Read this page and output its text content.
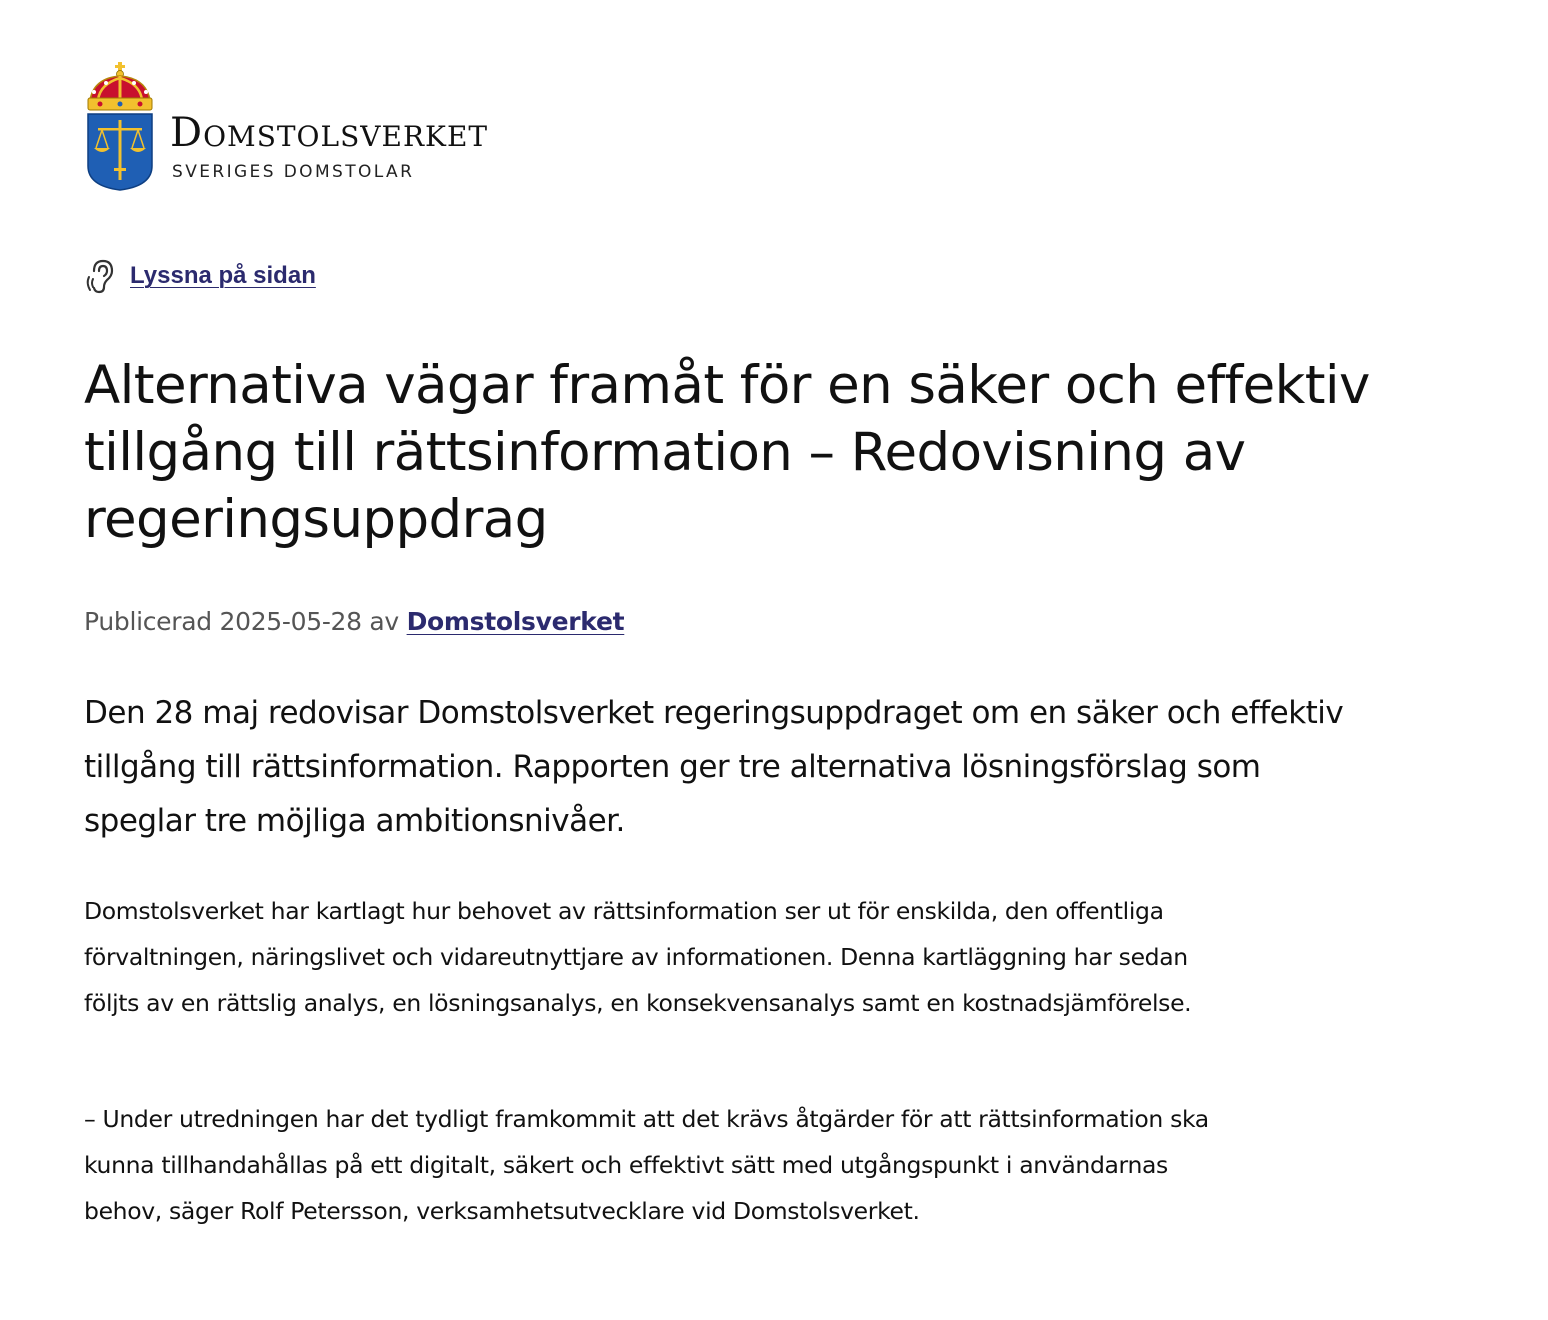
Domstolsverket
SVERIGES DOMSTOLAR
Lyssna på sidan
Alternativa vägar framåt för en säker och effektiv tillgång till rättsinformation – Redovisning av regeringsuppdrag
Publicerad 2025-05-28 av Domstolsverket

Den 28 maj redovisar Domstolsverket regeringsuppdraget om en säker och effektiv tillgång till rättsinformation. Rapporten ger tre alternativa lösningsförslag som speglar tre möjliga ambitionsnivåer.

Domstolsverket har kartlagt hur behovet av rättsinformation ser ut för enskilda, den offentliga förvaltningen, näringslivet och vidareutnyttjare av informationen. Denna kartläggning har sedan följts av en rättslig analys, en lösningsanalys, en konsekvensanalys samt en kostnadsjämförelse.

– Under utredningen har det tydligt framkommit att det krävs åtgärder för att rättsinformation ska kunna tillhandahållas på ett digitalt, säkert och effektivt sätt med utgångspunkt i användarnas behov, säger Rolf Petersson, verksamhetsutvecklare vid Domstolsverket.
